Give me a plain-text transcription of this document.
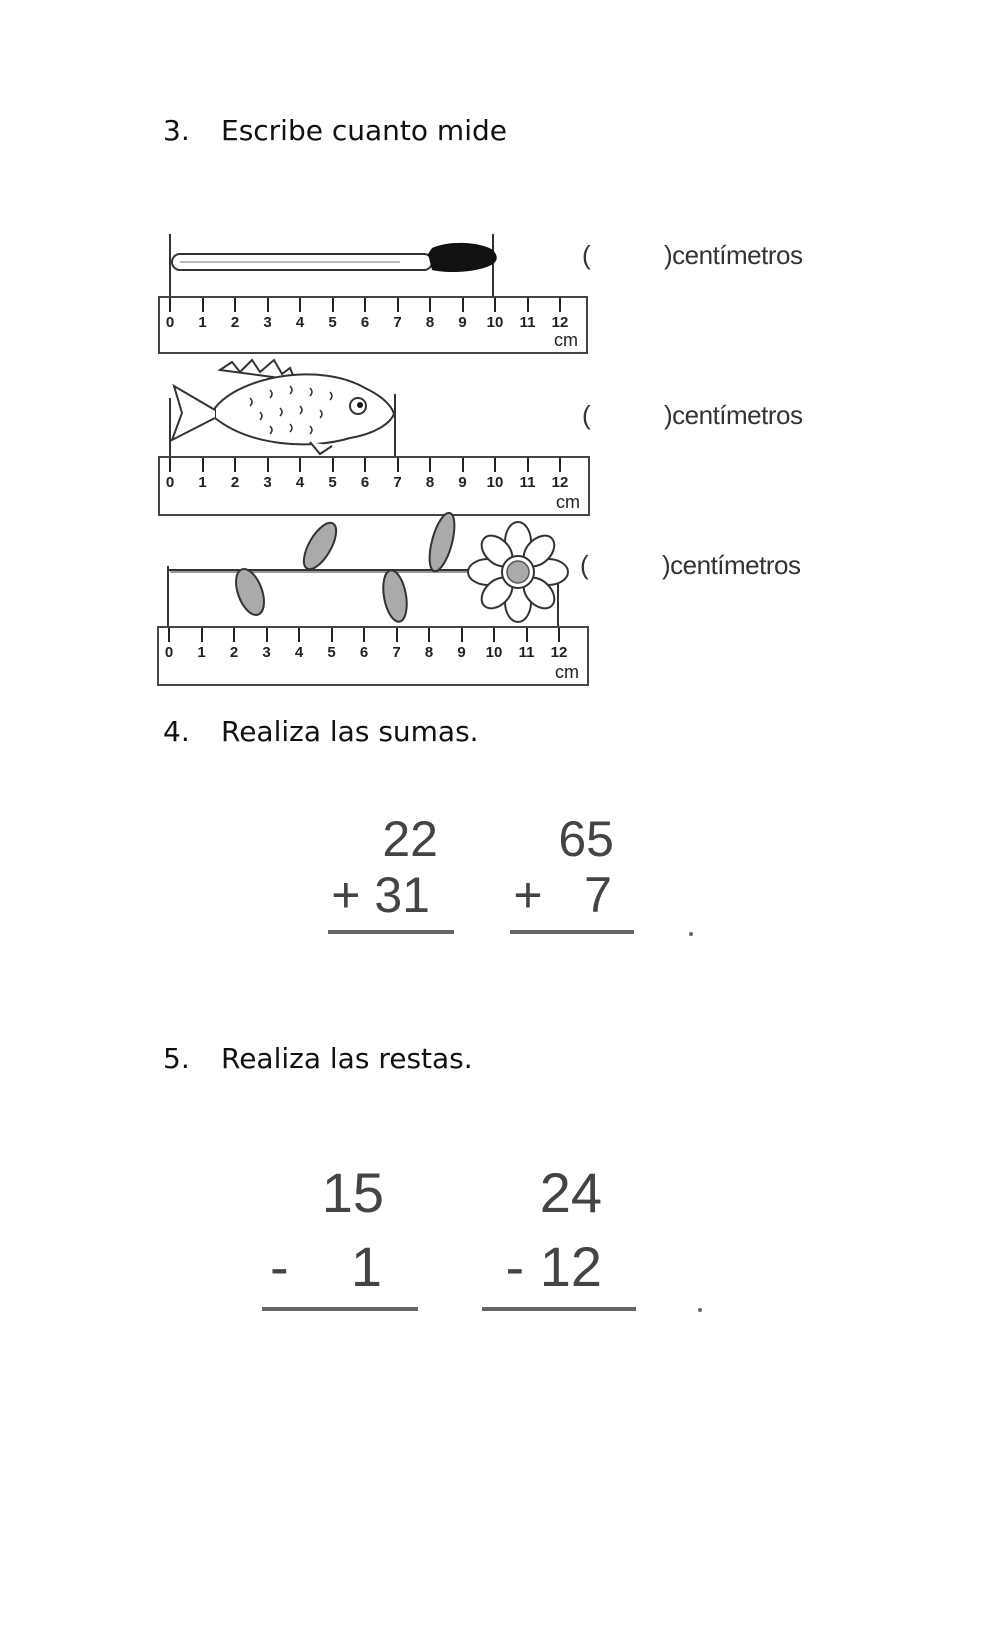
3. Escribe cuanto mide
(	)centímetros
0 1 2 3 4 5 6 7 8 9 10 11 12
cm
(	)centímetros
0 1 2 3 4 5 6 7 8 9 10 11 12
cm
(	)centímetros
0 1 2 3 4 5 6 7 8 9 10 11 12
cm
4. Realiza las sumas.
22
+ 31
65
+   7
5. Realiza las restas.
15
-    1
24
- 12
